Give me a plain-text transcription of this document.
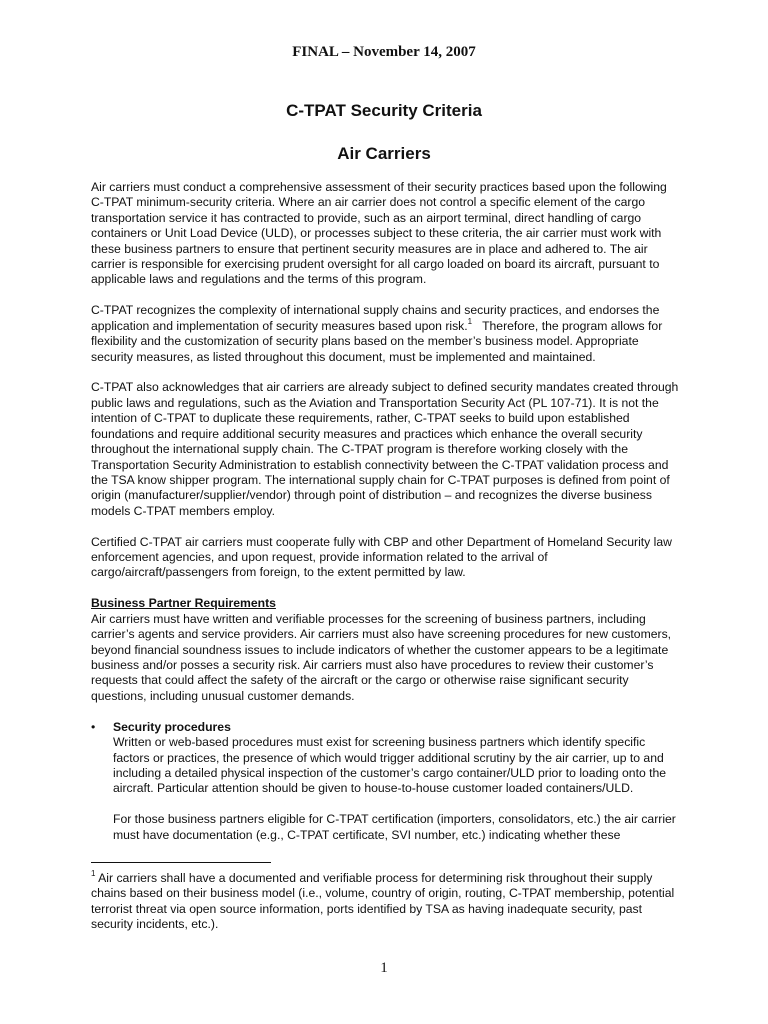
FINAL – November 14, 2007
C-TPAT Security Criteria
Air Carriers

Air carriers must conduct a comprehensive assessment of their security practices based upon the following C-TPAT minimum-security criteria. Where an air carrier does not control a specific element of the cargo transportation service it has contracted to provide, such as an airport terminal, direct handling of cargo containers or Unit Load Device (ULD), or processes subject to these criteria, the air carrier must work with these business partners to ensure that pertinent security measures are in place and adhered to. The air carrier is responsible for exercising prudent oversight for all cargo loaded on board its aircraft, pursuant to applicable laws and regulations and the terms of this program.

C-TPAT recognizes the complexity of international supply chains and security practices, and endorses the application and implementation of security measures based upon risk.$^1$ Therefore, the program allows for flexibility and the customization of security plans based on the member’s business model. Appropriate security measures, as listed throughout this document, must be implemented and maintained.

C-TPAT also acknowledges that air carriers are already subject to defined security mandates created through public laws and regulations, such as the Aviation and Transportation Security Act (PL 107-71). It is not the intention of C-TPAT to duplicate these requirements, rather, C-TPAT seeks to build upon established foundations and require additional security measures and practices which enhance the overall security throughout the international supply chain. The C-TPAT program is therefore working closely with the Transportation Security Administration to establish connectivity between the C-TPAT validation process and the TSA know shipper program. The international supply chain for C-TPAT purposes is defined from point of origin (manufacturer/supplier/vendor) through point of distribution – and recognizes the diverse business models C-TPAT members employ.

Certified C-TPAT air carriers must cooperate fully with CBP and other Department of Homeland Security law enforcement agencies, and upon request, provide information related to the arrival of cargo/aircraft/passengers from foreign, to the extent permitted by law.

Business Partner Requirements

Air carriers must have written and verifiable processes for the screening of business partners, including carrier’s agents and service providers. Air carriers must also have screening procedures for new customers, beyond financial soundness issues to include indicators of whether the customer appears to be a legitimate business and/or posses a security risk. Air carriers must also have procedures to review their customer’s requests that could affect the safety of the aircraft or the cargo or otherwise raise significant security questions, including unusual customer demands.

• Security procedures

Written or web-based procedures must exist for screening business partners which identify specific factors or practices, the presence of which would trigger additional scrutiny by the air carrier, up to and including a detailed physical inspection of the customer’s cargo container/ULD prior to loading onto the aircraft. Particular attention should be given to house-to-house customer loaded containers/ULD.

For those business partners eligible for C-TPAT certification (importers, consolidators, etc.) the air carrier must have documentation (e.g., C-TPAT certificate, SVI number, etc.) indicating whether these

$^1$ Air carriers shall have a documented and verifiable process for determining risk throughout their supply chains based on their business model (i.e., volume, country of origin, routing, C-TPAT membership, potential terrorist threat via open source information, ports identified by TSA as having inadequate security, past security incidents, etc.).
1
